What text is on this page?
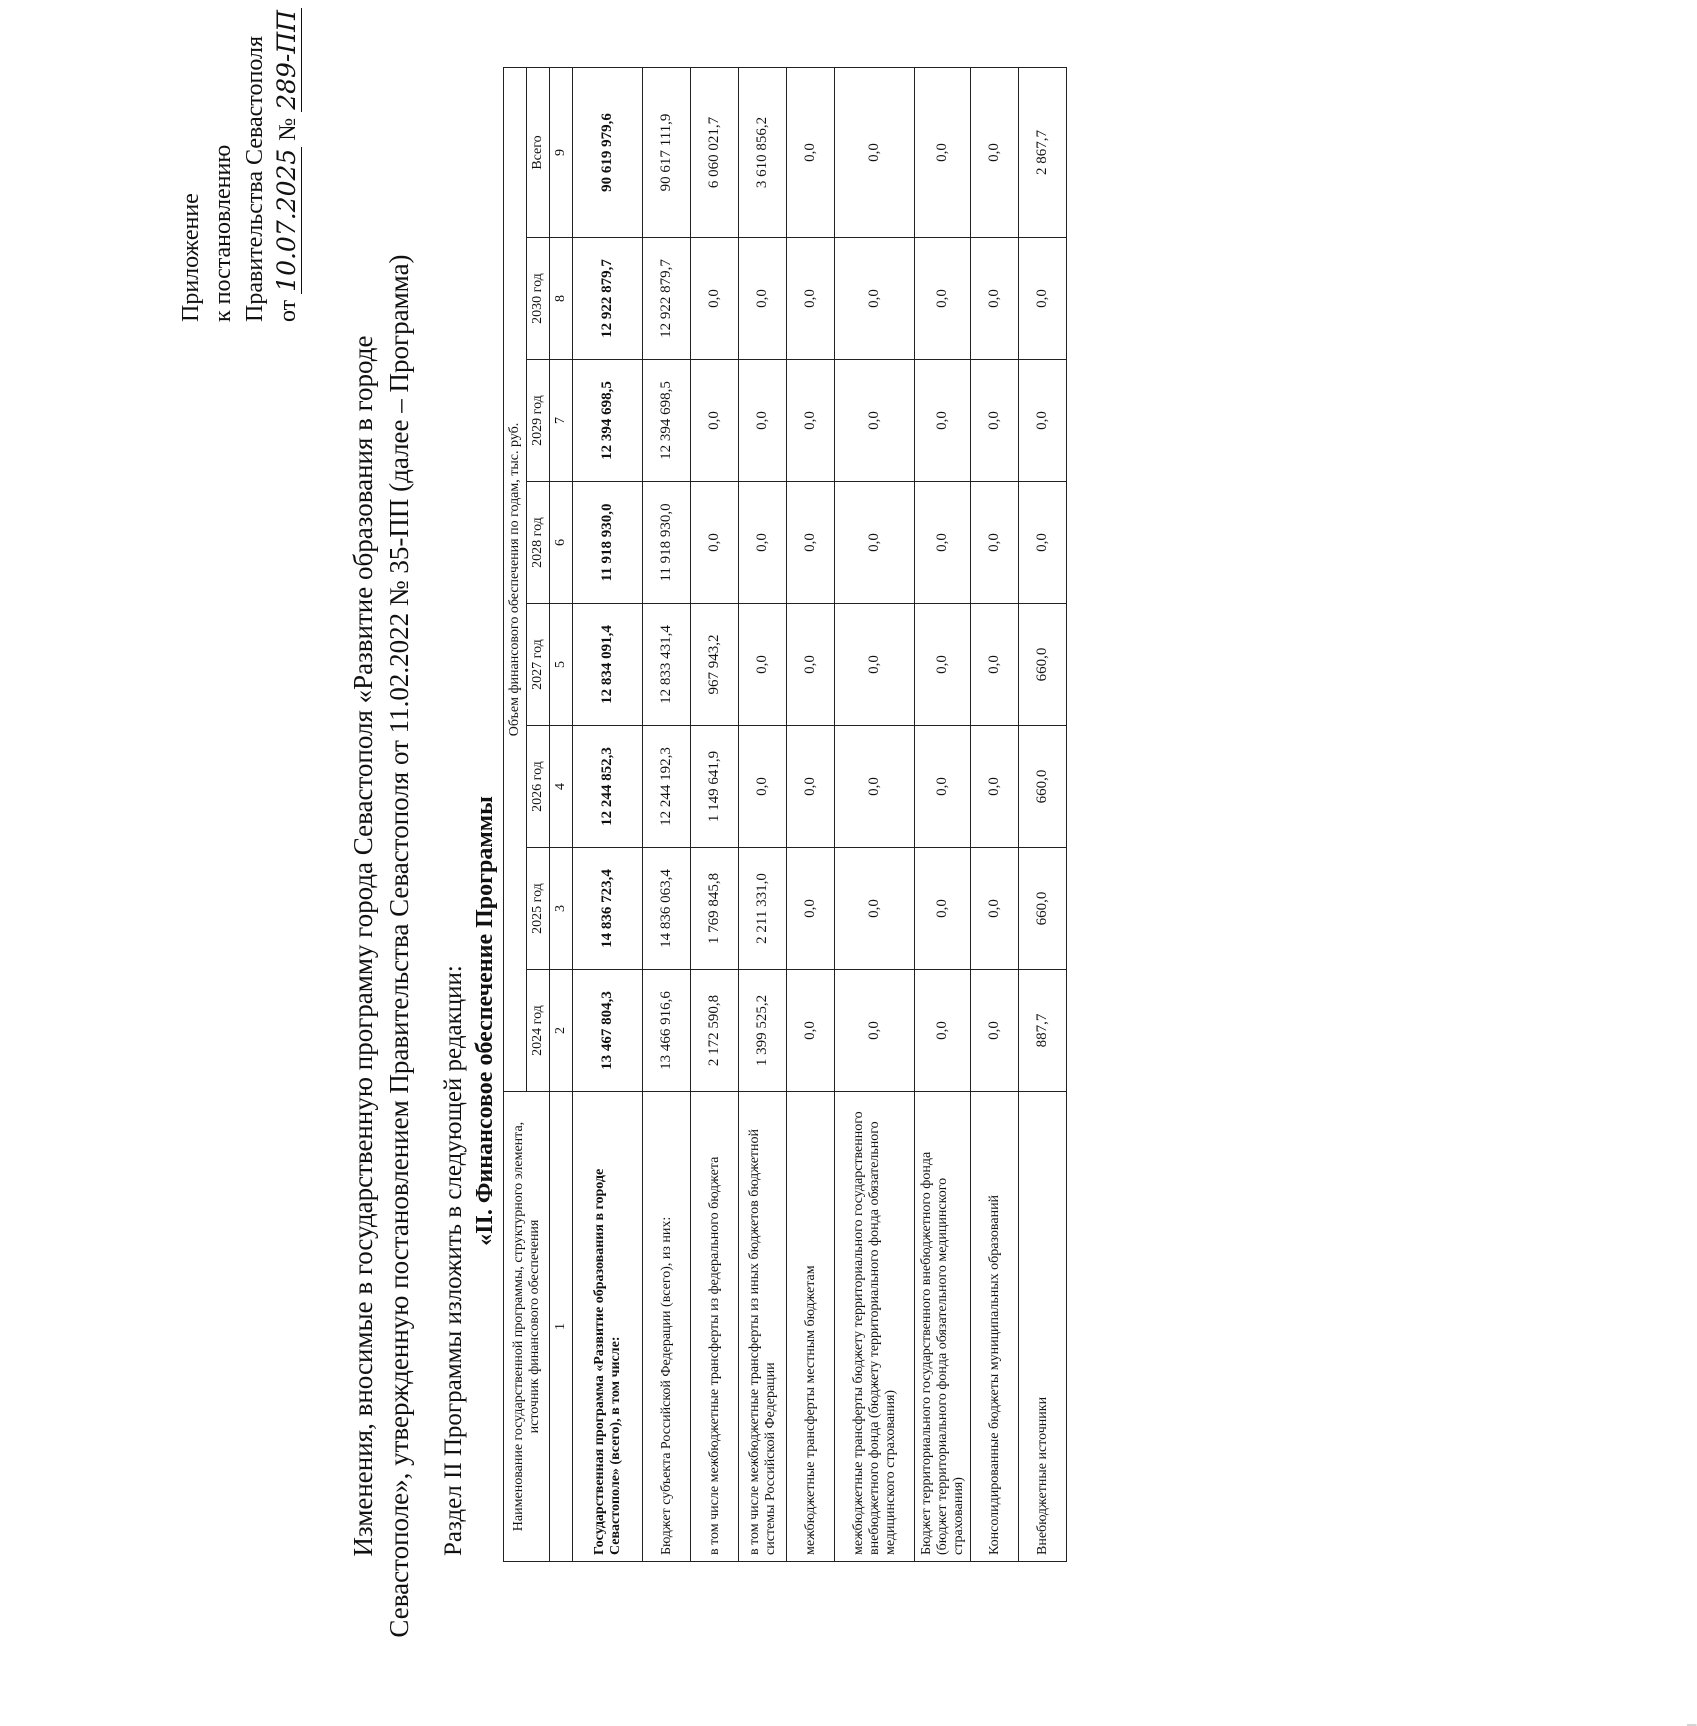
Приложение к постановлению Правительства Севастополя от 10.07.2025 № 289-ПП
Изменения, вносимые в государственную программу города Севастополя «Развитие образования в городе Севастополе», утвержденную постановлением Правительства Севастополя от 11.02.2022 № 35-ПП (далее – Программа) Раздел II Программы изложить в следующей редакции: «II. Финансовое обеспечение Программы
Наименование государственной программы, структурного элемента, источник финансового обеспечения	Объем финансового обеспечения по годам, тыс. руб.							
	2024 год	2025 год	2026 год	2027 год	2028 год	2029 год	2030 год	Всего
1	2	3	4	5	6	7	8	9
Государственная программа «Развитие образования в городе Севастополе» (всего), в том числе:	13 467 804,3	14 836 723,4	12 244 852,3	12 834 091,4	11 918 930,0	12 394 698,5	12 922 879,7	90 619 979,6
Бюджет субъекта Российской Федерации (всего), из них:	13 466 916,6	14 836 063,4	12 244 192,3	12 833 431,4	11 918 930,0	12 394 698,5	12 922 879,7	90 617 111,9
в том числе межбюджетные трансферты из федерального бюджета	2 172 590,8	1 769 845,8	1 149 641,9	967 943,2	0,0	0,0	0,0	6 060 021,7
в том числе межбюджетные трансферты из иных бюджетов бюджетной системы Российской Федерации	1 399 525,2	2 211 331,0	0,0	0,0	0,0	0,0	0,0	3 610 856,2
межбюджетные трансферты местным бюджетам	0,0	0,0	0,0	0,0	0,0	0,0	0,0	0,0
межбюджетные трансферты бюджету территориального государственного внебюджетного фонда (бюджету территориального фонда обязательного медицинского страхования)	0,0	0,0	0,0	0,0	0,0	0,0	0,0	0,0
Бюджет территориального государственного внебюджетного фонда (бюджет территориального фонда обязательного медицинского страхования)	0,0	0,0	0,0	0,0	0,0	0,0	0,0	0,0
Консолидированные бюджеты муниципальных образований	0,0	0,0	0,0	0,0	0,0	0,0	0,0	0,0
Внебюджетные источники	887,7	660,0	660,0	660,0	0,0	0,0	0,0	2 867,7
|
